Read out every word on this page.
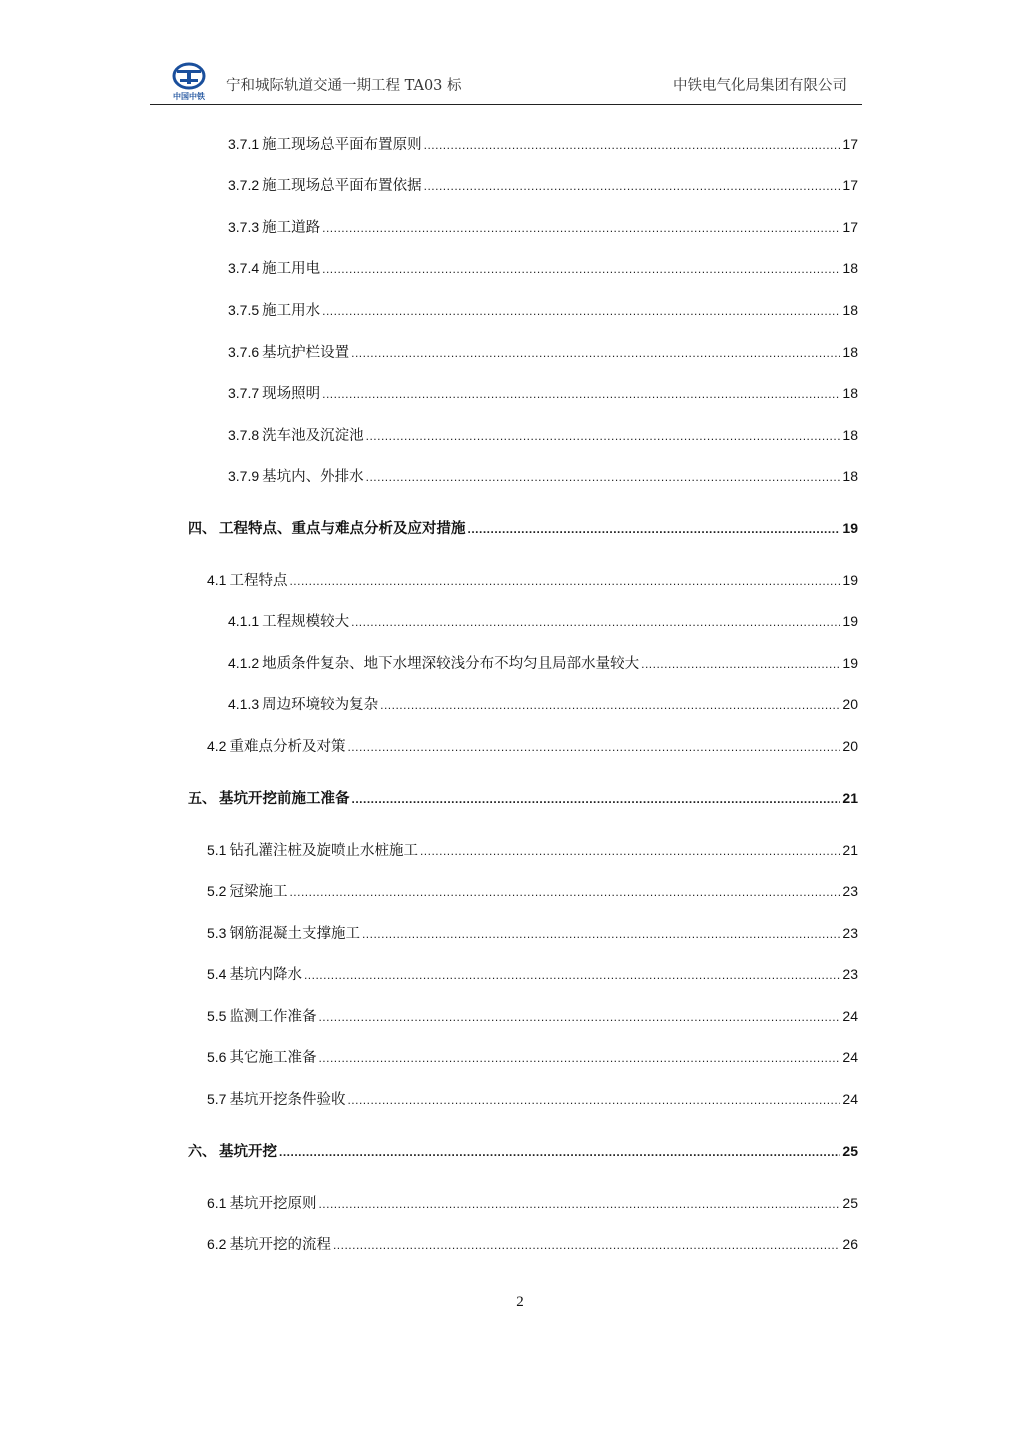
中国中铁
宁和城际轨道交通一期工程 TA03 标	中铁电气化局集团有限公司
3.7.1 施工现场总平面布置原则 .....	17
3.7.2 施工现场总平面布置依据 .....	17
3.7.3 施工道路 .....	17
3.7.4 施工用电 .....	18
3.7.5 施工用水 .....	18
3.7.6 基坑护栏设置 .....	18
3.7.7 现场照明 .....	18
3.7.8 洗车池及沉淀池 .....	18
3.7.9 基坑内、外排水 .....	18
四、 工程特点、重点与难点分析及应对措施 .....	19
4.1 工程特点 .....	19
4.1.1 工程规模较大 .....	19
4.1.2 地质条件复杂、地下水埋深较浅分布不均匀且局部水量较大 .....	19
4.1.3 周边环境较为复杂 .....	20
4.2 重难点分析及对策 .....	20
五、 基坑开挖前施工准备 .....	21
5.1 钻孔灌注桩及旋喷止水桩施工 .....	21
5.2 冠梁施工 .....	23
5.3 钢筋混凝土支撑施工 .....	23
5.4 基坑内降水 .....	23
5.5 监测工作准备 .....	24
5.6 其它施工准备 .....	24
5.7 基坑开挖条件验收 .....	24
六、 基坑开挖 .....	25
6.1 基坑开挖原则 .....	25
6.2 基坑开挖的流程 .....	26
2
